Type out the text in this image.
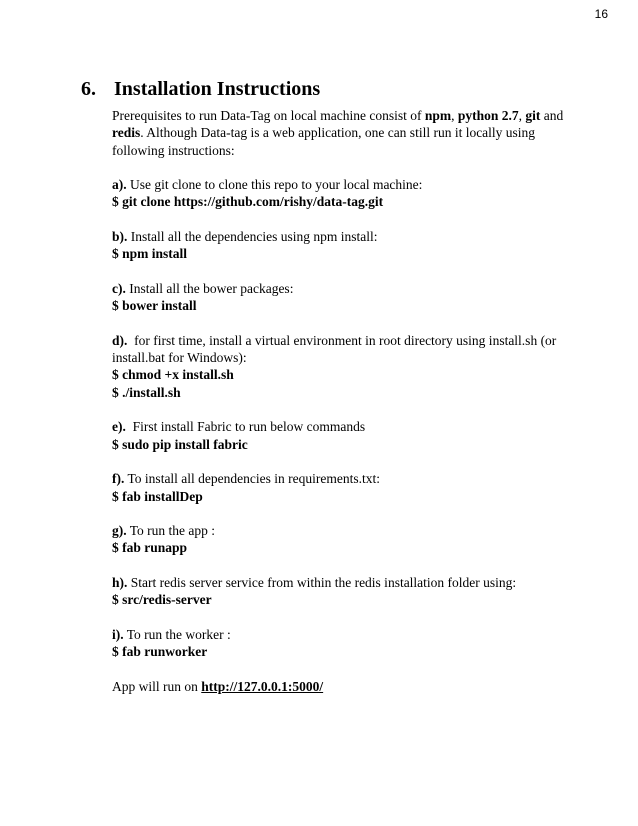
16
6. Installation Instructions

Prerequisites to run Data-Tag on local machine consist of npm, python 2.7, git and
redis. Although Data-tag is a web application, one can still run it locally using following instructions:

a). Use git clone to clone this repo to your local machine:

$ git clone https://github.com/rishy/data-tag.git

b). Install all the dependencies using npm install:

$ npm install

c). Install all the bower packages:

$ bower install

d).  for first time, install a virtual environment in root directory using install.sh (or install.bat for Windows):

$ chmod +x install.sh

$ ./install.sh

e).  First install Fabric to run below commands

$ sudo pip install fabric

f). To install all dependencies in requirements.txt:

$ fab installDep

g). To run the app :

$ fab runapp

h). Start redis server service from within the redis installation folder using:

$ src/redis-server

i). To run the worker :

$ fab runworker

App will run on http://127.0.0.1:5000/
